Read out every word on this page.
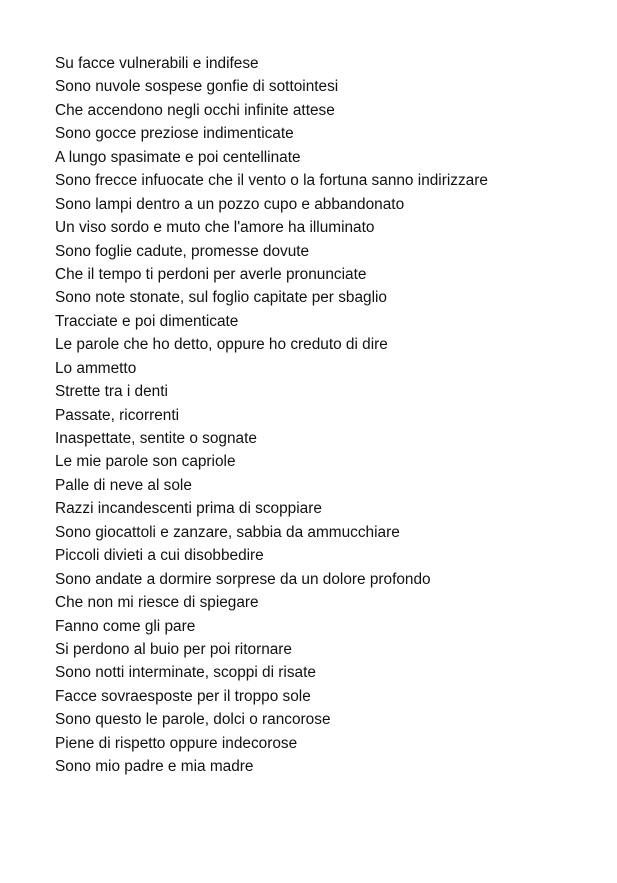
Su facce vulnerabili e indifese
Sono nuvole sospese gonfie di sottointesi
Che accendono negli occhi infinite attese
Sono gocce preziose indimenticate
A lungo spasimate e poi centellinate
Sono frecce infuocate che il vento o la fortuna sanno indirizzare
Sono lampi dentro a un pozzo cupo e abbandonato
Un viso sordo e muto che l'amore ha illuminato
Sono foglie cadute, promesse dovute
Che il tempo ti perdoni per averle pronunciate
Sono note stonate, sul foglio capitate per sbaglio
Tracciate e poi dimenticate
Le parole che ho detto, oppure ho creduto di dire
Lo ammetto
Strette tra i denti
Passate, ricorrenti
Inaspettate, sentite o sognate
Le mie parole son capriole
Palle di neve al sole
Razzi incandescenti prima di scoppiare
Sono giocattoli e zanzare, sabbia da ammucchiare
Piccoli divieti a cui disobbedire
Sono andate a dormire sorprese da un dolore profondo
Che non mi riesce di spiegare
Fanno come gli pare
Si perdono al buio per poi ritornare
Sono notti interminate, scoppi di risate
Facce sovraesposte per il troppo sole
Sono questo le parole, dolci o rancorose
Piene di rispetto oppure indecorose
Sono mio padre e mia madre
